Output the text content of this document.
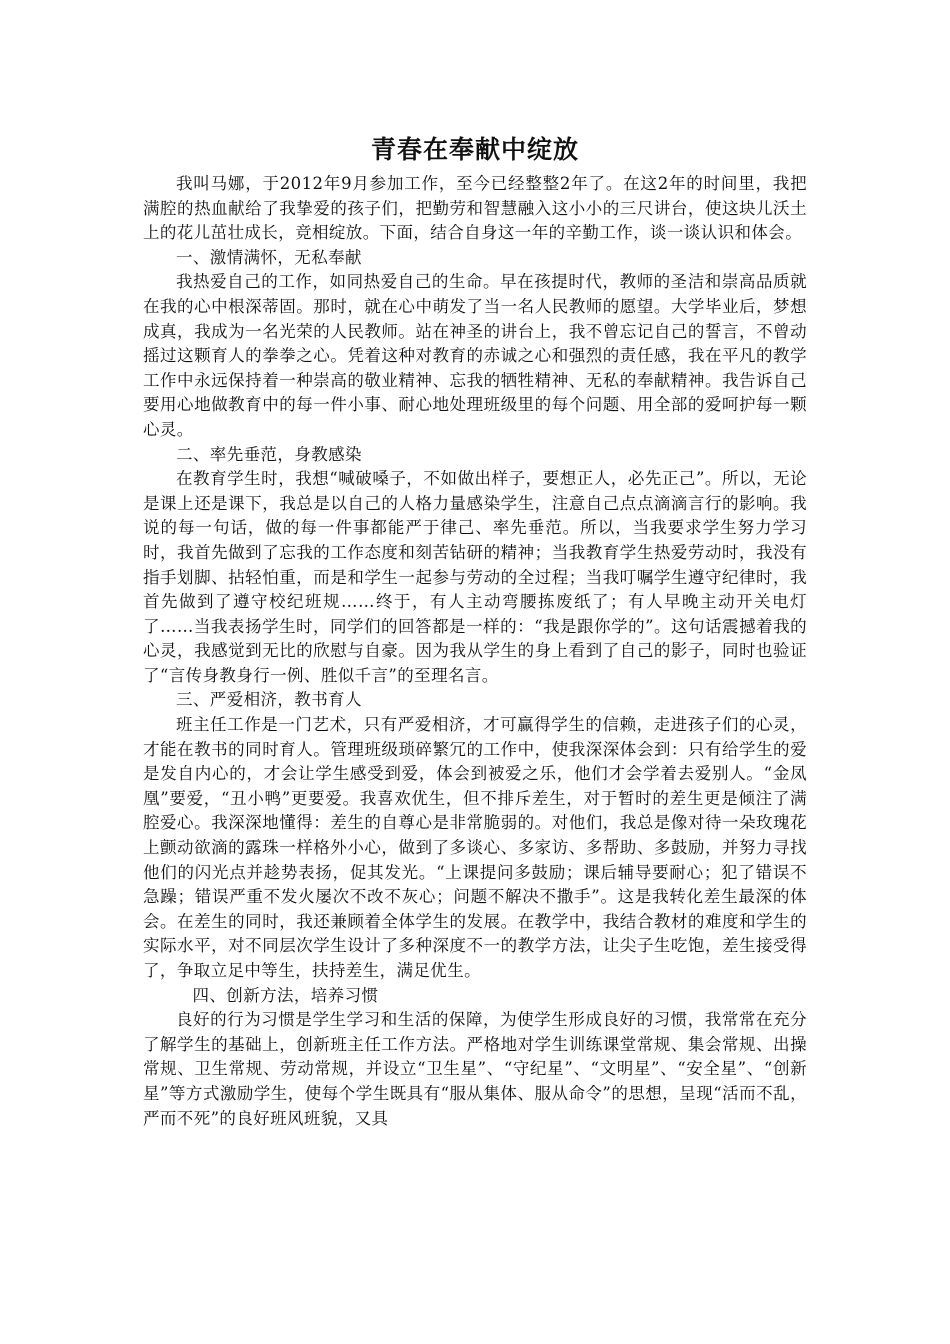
青春在奉献中绽放

我叫马娜，于2012年9月参加工作，至今已经整整2年了。在这2年的时间里，我把满腔的热血献给了我挚爱的孩子们，把勤劳和智慧融入这小小的三尺讲台，使这块儿沃土上的花儿茁壮成长，竞相绽放。下面，结合自身这一年的辛勤工作，谈一谈认识和体会。

一、激情满怀，无私奉献

我热爱自己的工作，如同热爱自己的生命。早在孩提时代，教师的圣洁和崇高品质就在我的心中根深蒂固。那时，就在心中萌发了当一名人民教师的愿望。大学毕业后，梦想成真，我成为一名光荣的人民教师。站在神圣的讲台上，我不曾忘记自己的誓言，不曾动摇过这颗育人的拳拳之心。凭着这种对教育的赤诚之心和强烈的责任感，我在平凡的教学工作中永远保持着一种崇高的敬业精神、忘我的牺牲精神、无私的奉献精神。我告诉自己要用心地做教育中的每一件小事、耐心地处理班级里的每个问题、用全部的爱呵护每一颗心灵。

二、率先垂范，身教感染

在教育学生时，我想“喊破嗓子，不如做出样子，要想正人，必先正己”。所以，无论是课上还是课下，我总是以自己的人格力量感染学生，注意自己点点滴滴言行的影响。我说的每一句话，做的每一件事都能严于律己、率先垂范。所以，当我要求学生努力学习时，我首先做到了忘我的工作态度和刻苦钻研的精神；当我教育学生热爱劳动时，我没有指手划脚、拈轻怕重，而是和学生一起参与劳动的全过程；当我叮嘱学生遵守纪律时，我首先做到了遵守校纪班规……终于，有人主动弯腰拣废纸了；有人早晚主动开关电灯了……当我表扬学生时，同学们的回答都是一样的：“我是跟你学的”。这句话震撼着我的心灵，我感觉到无比的欣慰与自豪。因为我从学生的身上看到了自己的影子，同时也验证了“言传身教身行一例、胜似千言”的至理名言。

三、严爱相济，教书育人

班主任工作是一门艺术，只有严爱相济，才可赢得学生的信赖，走进孩子们的心灵，才能在教书的同时育人。管理班级琐碎繁冗的工作中，使我深深体会到：只有给学生的爱是发自内心的，才会让学生感受到爱，体会到被爱之乐，他们才会学着去爱别人。“金凤凰”要爱，“丑小鸭”更要爱。我喜欢优生，但不排斥差生，对于暂时的差生更是倾注了满腔爱心。我深深地懂得：差生的自尊心是非常脆弱的。对他们，我总是像对待一朵玫瑰花上颤动欲滴的露珠一样格外小心，做到了多谈心、多家访、多帮助、多鼓励，并努力寻找他们的闪光点并趁势表扬，促其发光。“上课提问多鼓励；课后辅导要耐心；犯了错误不急躁；错误严重不发火屡次不改不灰心；问题不解决不撒手”。这是我转化差生最深的体会。在差生的同时，我还兼顾着全体学生的发展。在教学中，我结合教材的难度和学生的实际水平，对不同层次学生设计了多种深度不一的教学方法，让尖子生吃饱，差生接受得了，争取立足中等生，扶持差生，满足优生。

四、创新方法，培养习惯

良好的行为习惯是学生学习和生活的保障，为使学生形成良好的习惯，我常常在充分了解学生的基础上，创新班主任工作方法。严格地对学生训练课堂常规、集会常规、出操常规、卫生常规、劳动常规，并设立“卫生星”、“守纪星”、“文明星”、“安全星”、“创新星”等方式激励学生，使每个学生既具有“服从集体、服从命令”的思想，呈现“活而不乱，严而不死”的良好班风班貌，又具
